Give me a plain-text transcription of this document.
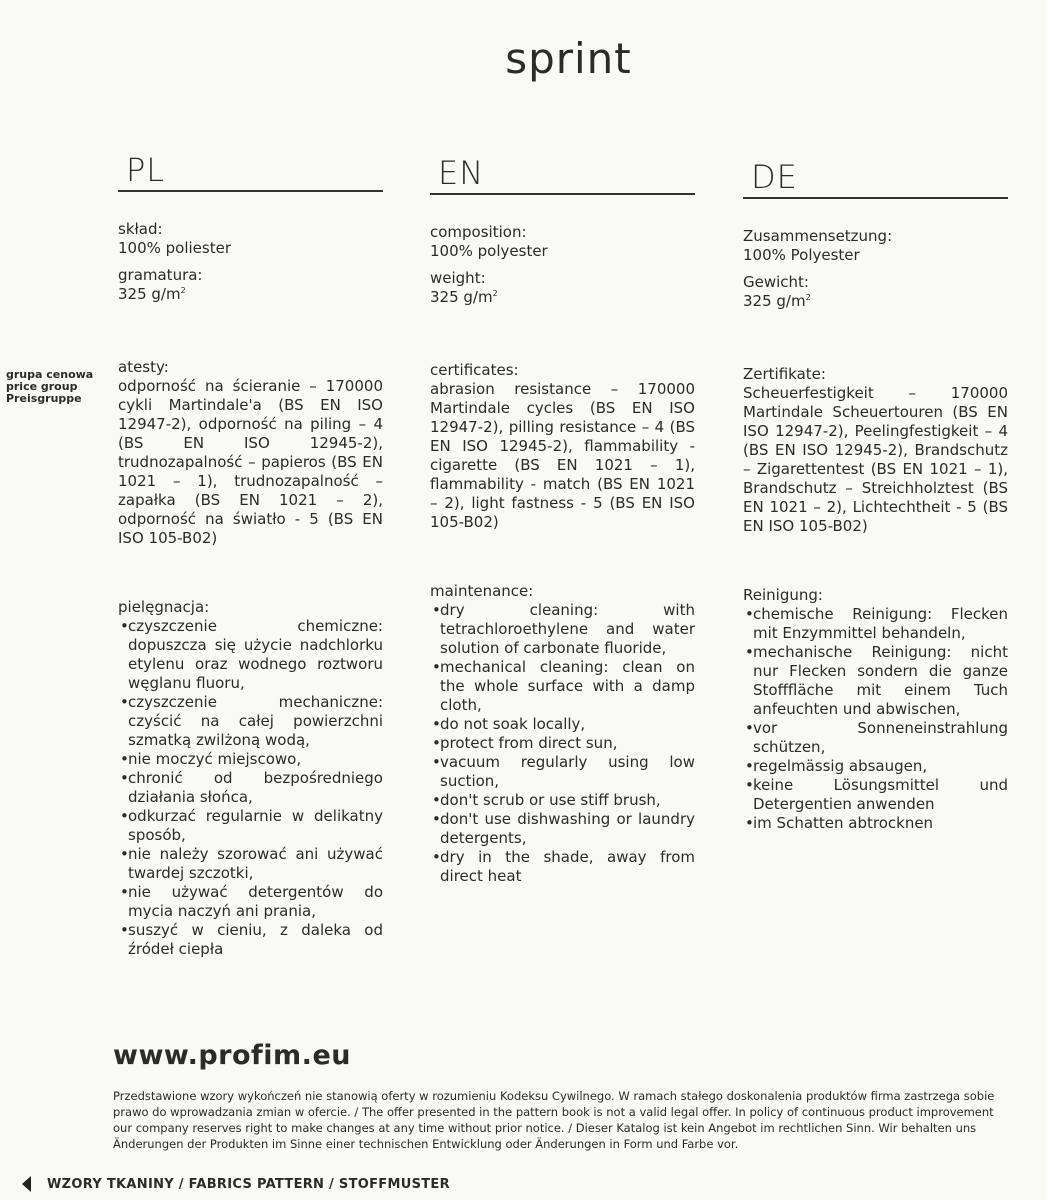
sprint
grupa cenowa
price group
Preisgruppe
PL
skład:
100% poliester
gramatura:
325 $g/m^2$
atesty:
odporność na ścieranie – 170000 cykli Martindale'a (BS EN ISO 12947-2), odporność na piling – 4 (BS EN ISO 12945-2), trudnozapalność – papieros (BS EN 1021 – 1), trudnozapalność – zapałka (BS EN 1021 – 2), odporność na światło - 5 (BS EN ISO 105-B02)
pielęgnacja:
• czyszczenie chemiczne: dopuszcza się użycie nadchlorku etylenu oraz wodnego roztworu węglanu fluoru,
• czyszczenie mechaniczne: czyścić na całej powierzchni szmatką zwilżoną wodą,
• nie moczyć miejscowo,
• chronić od bezpośredniego działania słońca,
• odkurzać regularnie w delikatny sposób,
• nie należy szorować ani używać twardej szczotki,
• nie używać detergentów do mycia naczyń ani prania,
• suszyć w cieniu, z daleka od źródeł ciepła
EN
composition:
100% polyester
weight:
325 $g/m^2$
certificates:
abrasion resistance – 170000 Martindale cycles (BS EN ISO 12947-2), pilling resistance – 4 (BS EN ISO 12945-2), flammability - cigarette (BS EN 1021 – 1), flammability - match (BS EN 1021 – 2), light fastness - 5 (BS EN ISO 105-B02)
maintenance:
• dry cleaning: with tetrachloroethylene and water solution of carbonate fluoride,
• mechanical cleaning: clean on the whole surface with a damp cloth,
• do not soak locally,
• protect from direct sun,
• vacuum regularly using low suction,
• don't scrub or use stiff brush,
• don't use dishwashing or laundry detergents,
• dry in the shade, away from direct heat
DE
Zusammensetzung:
100% Polyester
Gewicht:
325 $g/m^2$
Zertifikate:
Scheuerfestigkeit – 170000 Martindale Scheuertouren (BS EN ISO 12947-2), Peelingfestigkeit – 4 (BS EN ISO 12945-2), Brandschutz – Zigarettentest (BS EN 1021 – 1), Brandschutz – Streichholztest (BS EN 1021 – 2), Lichtechtheit - 5 (BS EN ISO 105-B02)
Reinigung:
• chemische Reinigung: Flecken mit Enzymmittel behandeln,
• mechanische Reinigung: nicht nur Flecken sondern die ganze Stofffläche mit einem Tuch anfeuchten und abwischen,
• vor Sonneneinstrahlung schützen,
• regelmässig absaugen,
• keine Lösungsmittel und Detergentien anwenden
• im Schatten abtrocknen
www.profim.eu
Przedstawione wzory wykończeń nie stanowią oferty w rozumieniu Kodeksu Cywilnego. W ramach stałego doskonalenia produktów firma zastrzega sobie prawo do wprowadzania zmian w ofercie. / The offer presented in the pattern book is not a valid legal offer. In policy of continuous product improvement our company reserves right to make changes at any time without prior notice. / Dieser Katalog ist kein Angebot im rechtlichen Sinn. Wir behalten uns Änderungen der Produkten im Sinne einer technischen Entwicklung oder Änderungen in Form und Farbe vor.
WZORY TKANINY / FABRICS PATTERN / STOFFMUSTER
